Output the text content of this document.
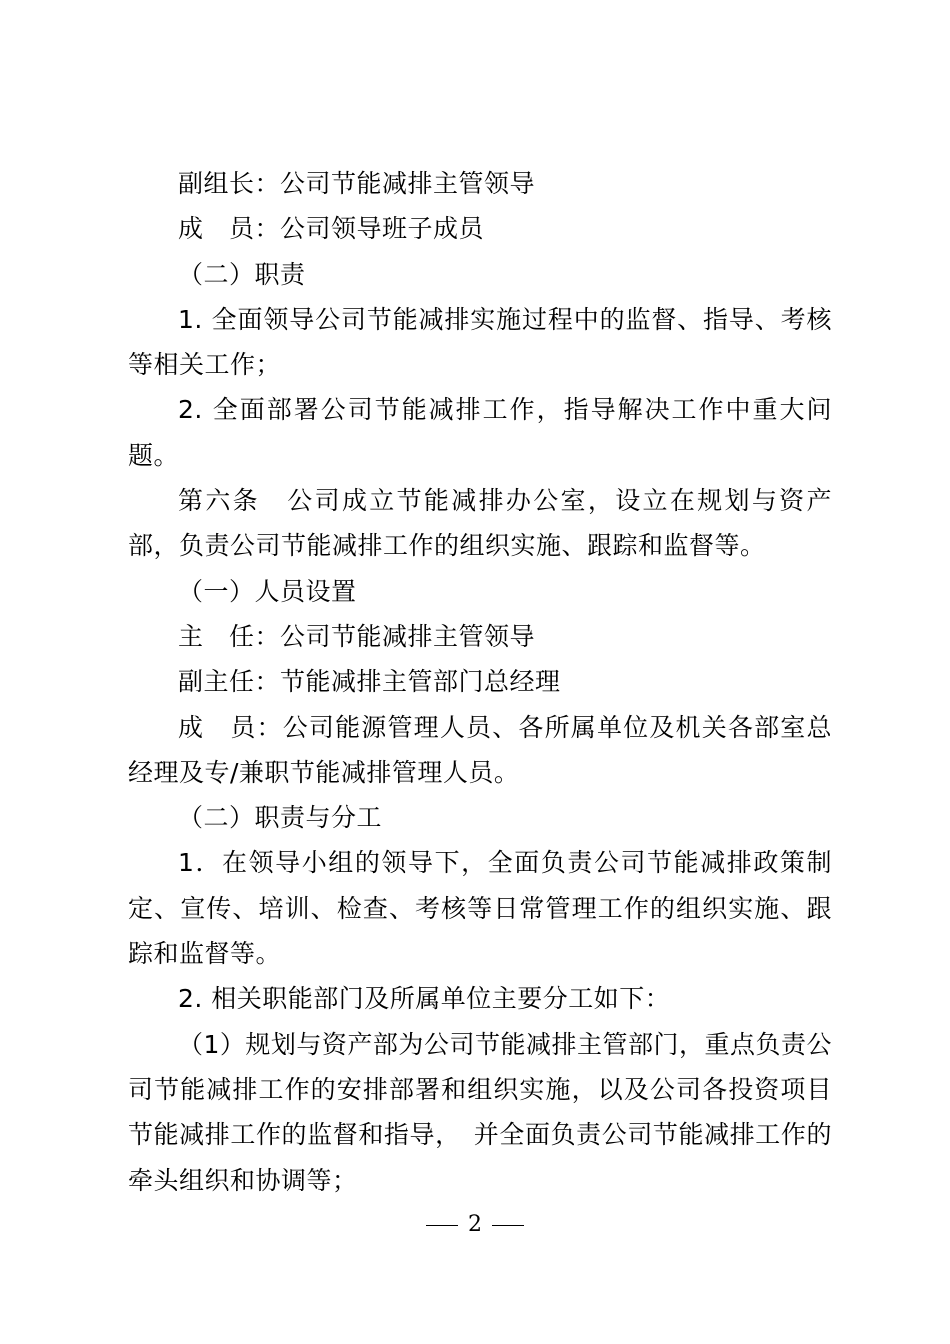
副组长：公司节能减排主管领导

成　员：公司领导班子成员

（二）职责

1. 全面领导公司节能减排实施过程中的监督、指导、考核等相关工作；

2. 全面部署公司节能减排工作，指导解决工作中重大问题。

第六条　公司成立节能减排办公室，设立在规划与资产部，负责公司节能减排工作的组织实施、跟踪和监督等。

（一）人员设置

主　任：公司节能减排主管领导

副主任：节能减排主管部门总经理

成　员：公司能源管理人员、各所属单位及机关各部室总经理及专/兼职节能减排管理人员。

（二）职责与分工

1．在领导小组的领导下，全面负责公司节能减排政策制定、宣传、培训、检查、考核等日常管理工作的组织实施、跟踪和监督等。

2. 相关职能部门及所属单位主要分工如下：

（1）规划与资产部为公司节能减排主管部门，重点负责公司节能减排工作的安排部署和组织实施，以及公司各投资项目节能减排工作的监督和指导，　并全面负责公司节能减排工作的牵头组织和协调等；

2
